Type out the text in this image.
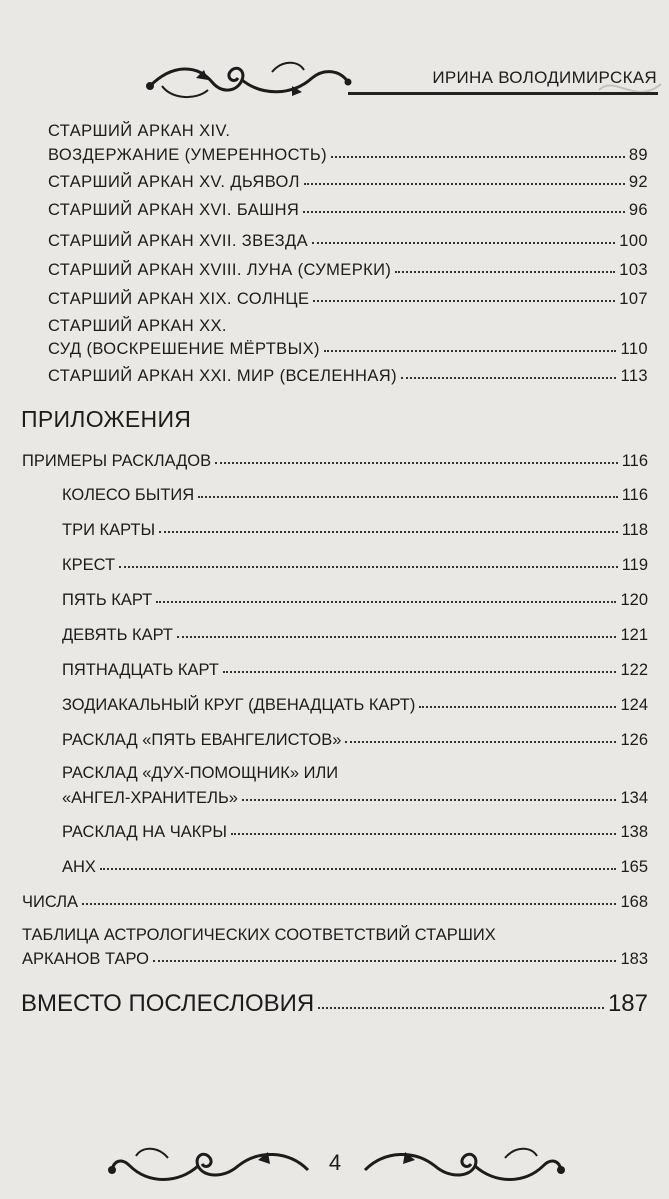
ИРИНА ВОЛОДИМИРСКАЯ
СТАРШИЙ АРКАН XIV.
ВОЗДЕРЖАНИЕ (УМЕРЕННОСТЬ)	89
СТАРШИЙ АРКАН XV. ДЬЯВОЛ	92
СТАРШИЙ АРКАН XVI. БАШНЯ	96
СТАРШИЙ АРКАН XVII. ЗВЕЗДА	100
СТАРШИЙ АРКАН XVIII. ЛУНА (СУМЕРКИ)	103
СТАРШИЙ АРКАН XIX. СОЛНЦЕ	107
СТАРШИЙ АРКАН XX.
СУД (ВОСКРЕШЕНИЕ МЁРТВЫХ)	110
СТАРШИЙ АРКАН XXI. МИР (ВСЕЛЕННАЯ)	113
ПРИЛОЖЕНИЯ
ПРИМЕРЫ РАСКЛАДОВ	116
КОЛЕСО БЫТИЯ	116
ТРИ КАРТЫ	118
КРЕСТ	119
ПЯТЬ КАРТ	120
ДЕВЯТЬ КАРТ	121
ПЯТНАДЦАТЬ КАРТ	122
ЗОДИАКАЛЬНЫЙ КРУГ (ДВЕНАДЦАТЬ КАРТ)	124
РАСКЛАД «ПЯТЬ ЕВАНГЕЛИСТОВ»	126
РАСКЛАД «ДУХ-ПОМОЩНИК» ИЛИ
«АНГЕЛ-ХРАНИТЕЛЬ»	134
РАСКЛАД НА ЧАКРЫ	138
АНХ	165
ЧИСЛА	168
ТАБЛИЦА АСТРОЛОГИЧЕСКИХ СООТВЕТСТВИЙ СТАРШИХ
АРКАНОВ ТАРО	183
ВМЕСТО ПОСЛЕСЛОВИЯ	187
4
